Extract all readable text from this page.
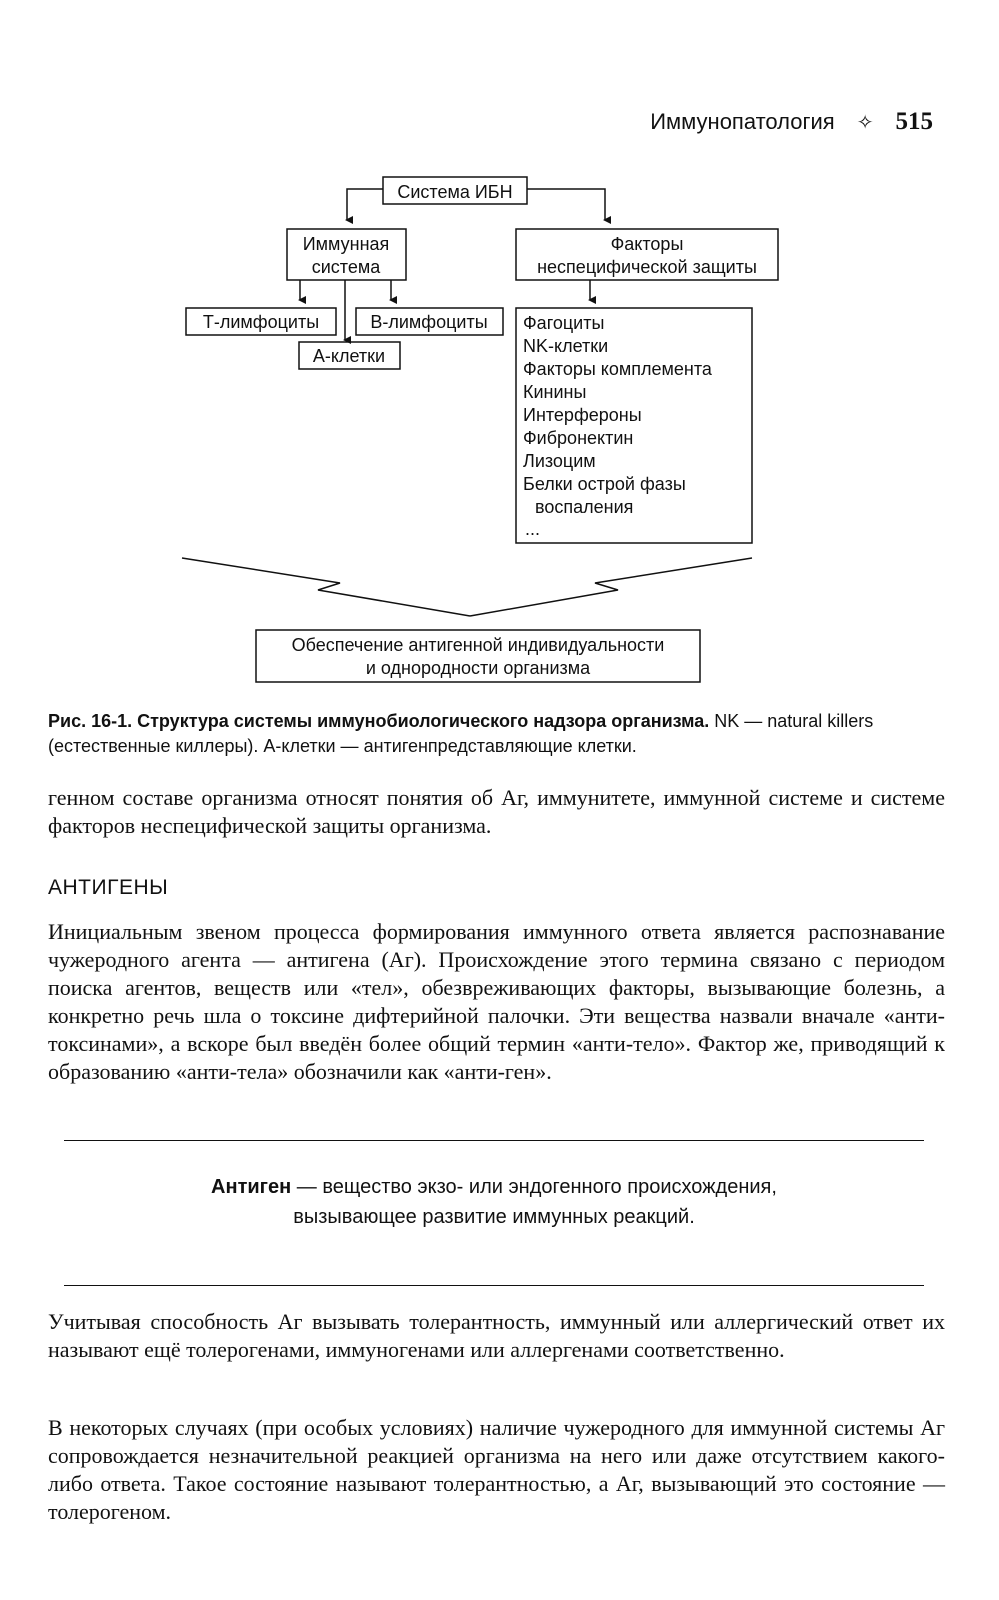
Иммунопатология ✧ 515
Система ИБН
Иммунная
система
Факторы
неспецифической защиты
Т-лимфоциты	В-лимфоциты
А-клетки
Фагоциты
NK-клетки
Факторы комплемента
Кинины
Интерфероны
Фибронектин
Лизоцим
Белки острой фазы
воспаления
...
Обеспечение антигенной индивидуальности
и однородности организма
Рис. 16-1. Структура системы иммунобиологического надзора организма. NK — natural killers (естественные киллеры). А-клетки — антигенпредставляющие клетки.

генном составе организма относят понятия об Аг, иммунитете, иммунной системе и системе факторов неспецифической защиты организма.

АНТИГЕНЫ

Инициальным звеном процесса формирования иммунного ответа является распознавание чужеродного агента — антигена (Аг). Происхождение этого термина связано с периодом поиска агентов, веществ или «тел», обезвреживающих факторы, вызывающие болезнь, а конкретно речь шла о токсине дифтерийной палочки. Эти вещества назвали вначале «анти-токсинами», а вскоре был введён более общий термин «анти-тело». Фактор же, приводящий к образованию «анти-тела» обозначили как «анти-ген».

Антиген — вещество экзо- или эндогенного происхождения,
вызывающее развитие иммунных реакций.

Учитывая способность Аг вызывать толерантность, иммунный или аллергический ответ их называют ещё толерогенами, иммуногенами или аллергенами соответственно.

В некоторых случаях (при особых условиях) наличие чужеродного для иммунной системы Аг сопровождается незначительной реакцией организма на него или даже отсутствием какого-либо ответа. Такое состояние называют толерантностью, а Аг, вызывающий это состояние — толерогеном.
